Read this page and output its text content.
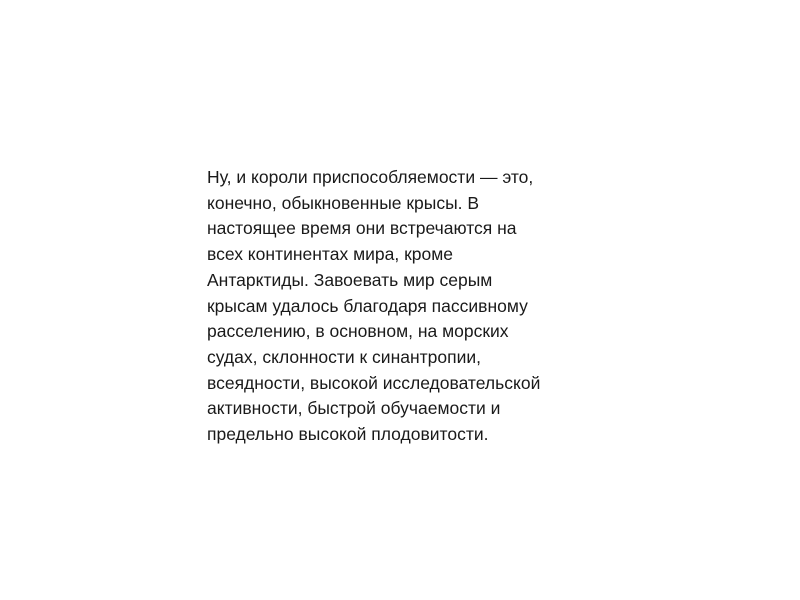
Ну, и короли приспособляемости — это,
конечно, обыкновенные крысы. В
настоящее время они встречаются на
всех континентах мира, кроме
Антарктиды. Завоевать мир серым
крысам удалось благодаря пассивному
расселению, в основном, на морских
судах, склонности к синантропии,
всеядности, высокой исследовательской
активности, быстрой обучаемости и
предельно высокой плодовитости.
